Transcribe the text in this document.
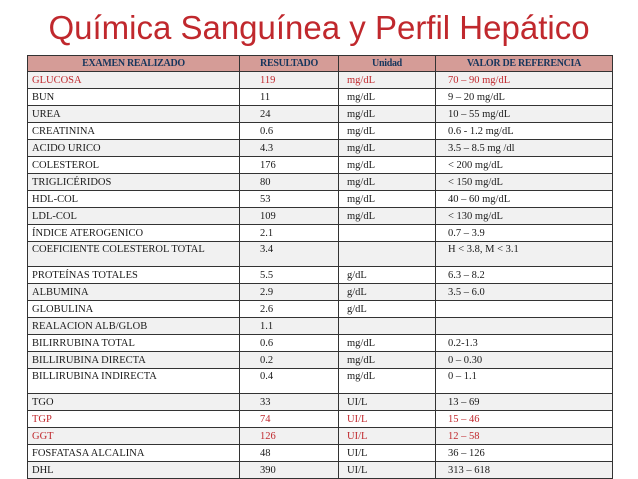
Química Sanguínea y Perfil Hepático
EXAMEN REALIZADO	RESULTADO	Unidad	VALOR DE REFERENCIA
GLUCOSA	119	mg/dL	70 – 90 mg/dL
BUN	11	mg/dL	9 – 20 mg/dL
UREA	24	mg/dL	10 – 55 mg/dL
CREATININA	0.6	mg/dL	0.6 - 1.2 mg/dL
ACIDO URICO	4.3	mg/dL	3.5 – 8.5 mg /dl
COLESTEROL	176	mg/dL	< 200 mg/dL
TRIGLICÉRIDOS	80	mg/dL	< 150 mg/dL
HDL-COL	53	mg/dL	40 – 60 mg/dL
LDL-COL	109	mg/dL	< 130 mg/dL
ÍNDICE ATEROGENICO	2.1		0.7 – 3.9
COEFICIENTE COLESTEROL TOTAL	3.4		H < 3.8, M < 3.1
PROTEÍNAS TOTALES	5.5	g/dL	6.3 – 8.2
ALBUMINA	2.9	g/dL	3.5 – 6.0
GLOBULINA	2.6	g/dL	
REALACION ALB/GLOB	1.1		
BILIRRUBINA TOTAL	0.6	mg/dL	0.2-1.3
BILLIRUBINA DIRECTA	0.2	mg/dL	0 – 0.30
BILLIRUBINA INDIRECTA	0.4	mg/dL	0 – 1.1
TGO	33	UI/L	13 – 69
TGP	74	UI/L	15 – 46
GGT	126	UI/L	12 – 58
FOSFATASA ALCALINA	48	UI/L	36 – 126
DHL	390	UI/L	313 – 618
